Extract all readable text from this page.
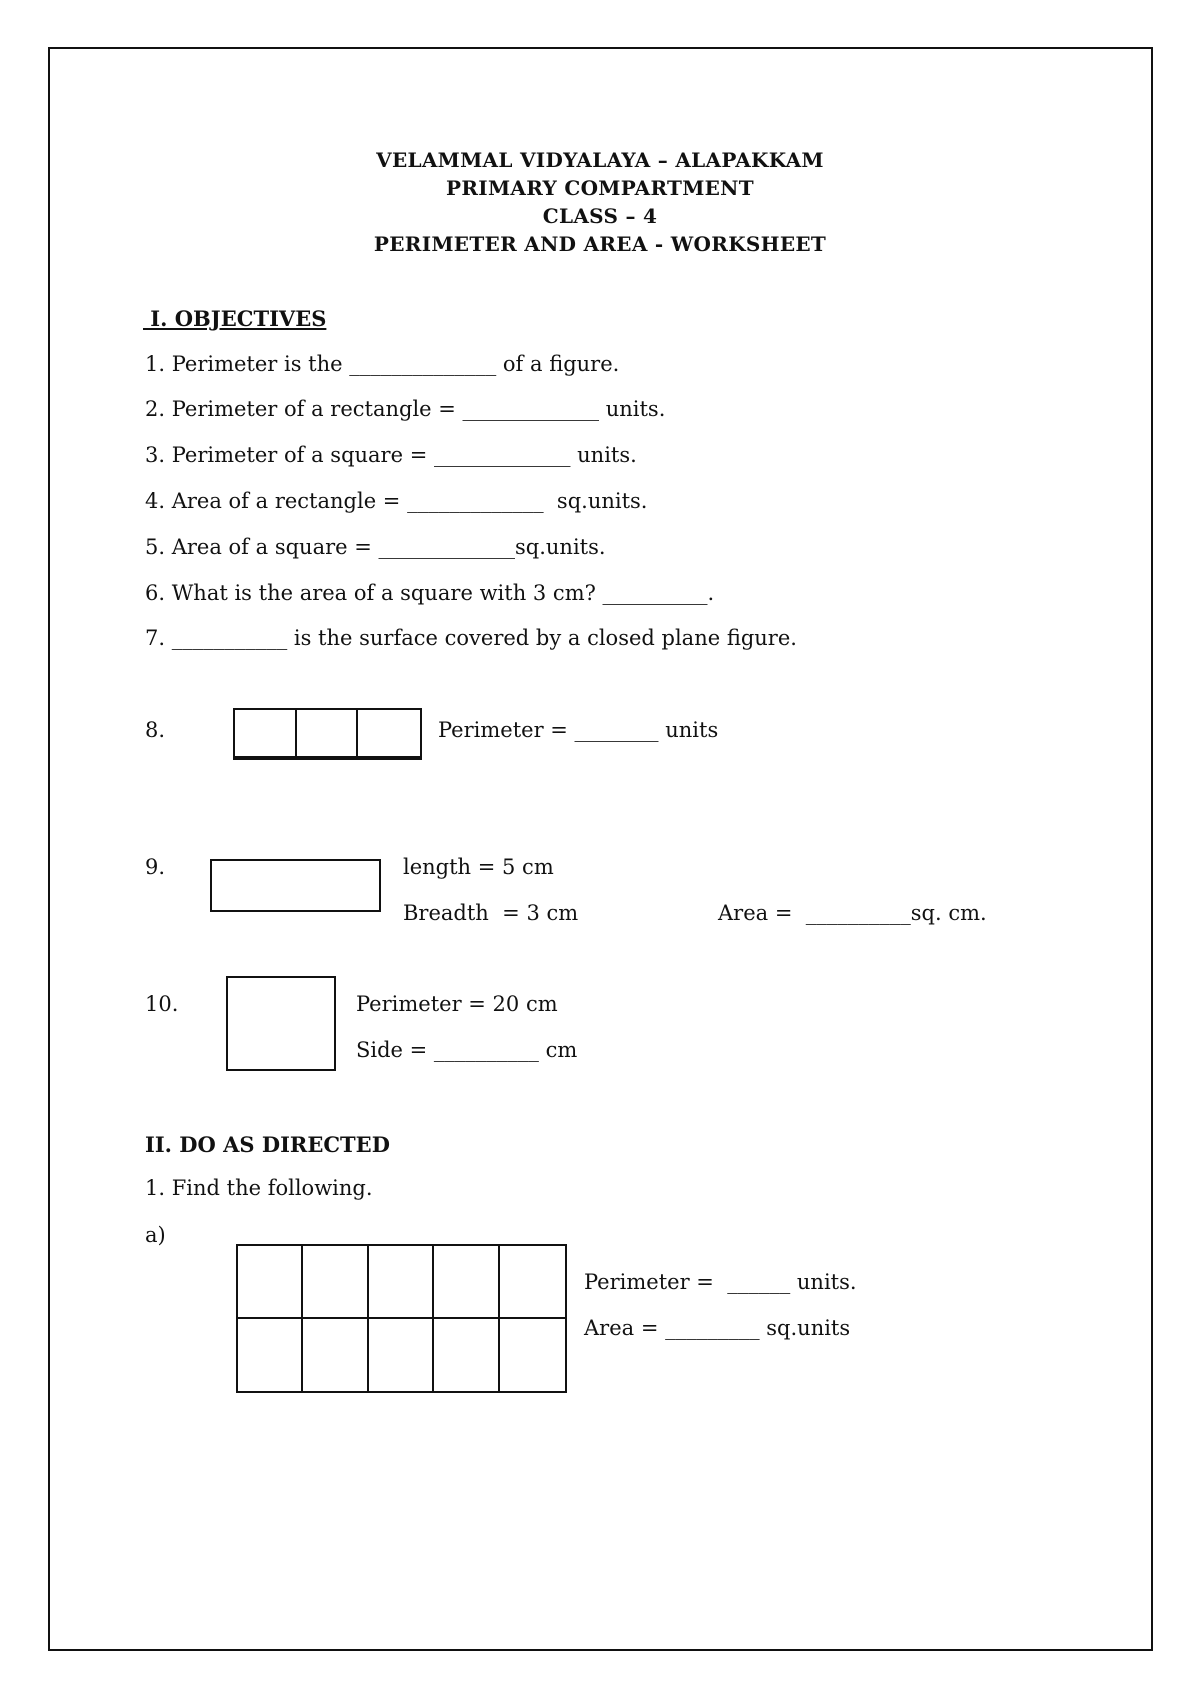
VELAMMAL VIDYALAYA – ALAPAKKAM
PRIMARY COMPARTMENT
CLASS – 4
PERIMETER AND AREA - WORKSHEET
I. OBJECTIVES
1. Perimeter is the ______________ of a figure.
2. Perimeter of a rectangle = _____________ units.
3. Perimeter of a square = _____________ units.
4. Area of a rectangle = _____________  sq.units.
5. Area of a square = _____________sq.units.
6. What is the area of a square with 3 cm? __________.
7. ___________ is the surface covered by a closed plane figure.
8.	Perimeter = ________ units
9.	length = 5 cm
Breadth  = 3 cm	Area =  __________sq. cm.
10.	Perimeter = 20 cm
Side = __________ cm
II. DO AS DIRECTED
1. Find the following.
a)
Perimeter =  ______ units.
Area = _________ sq.units
